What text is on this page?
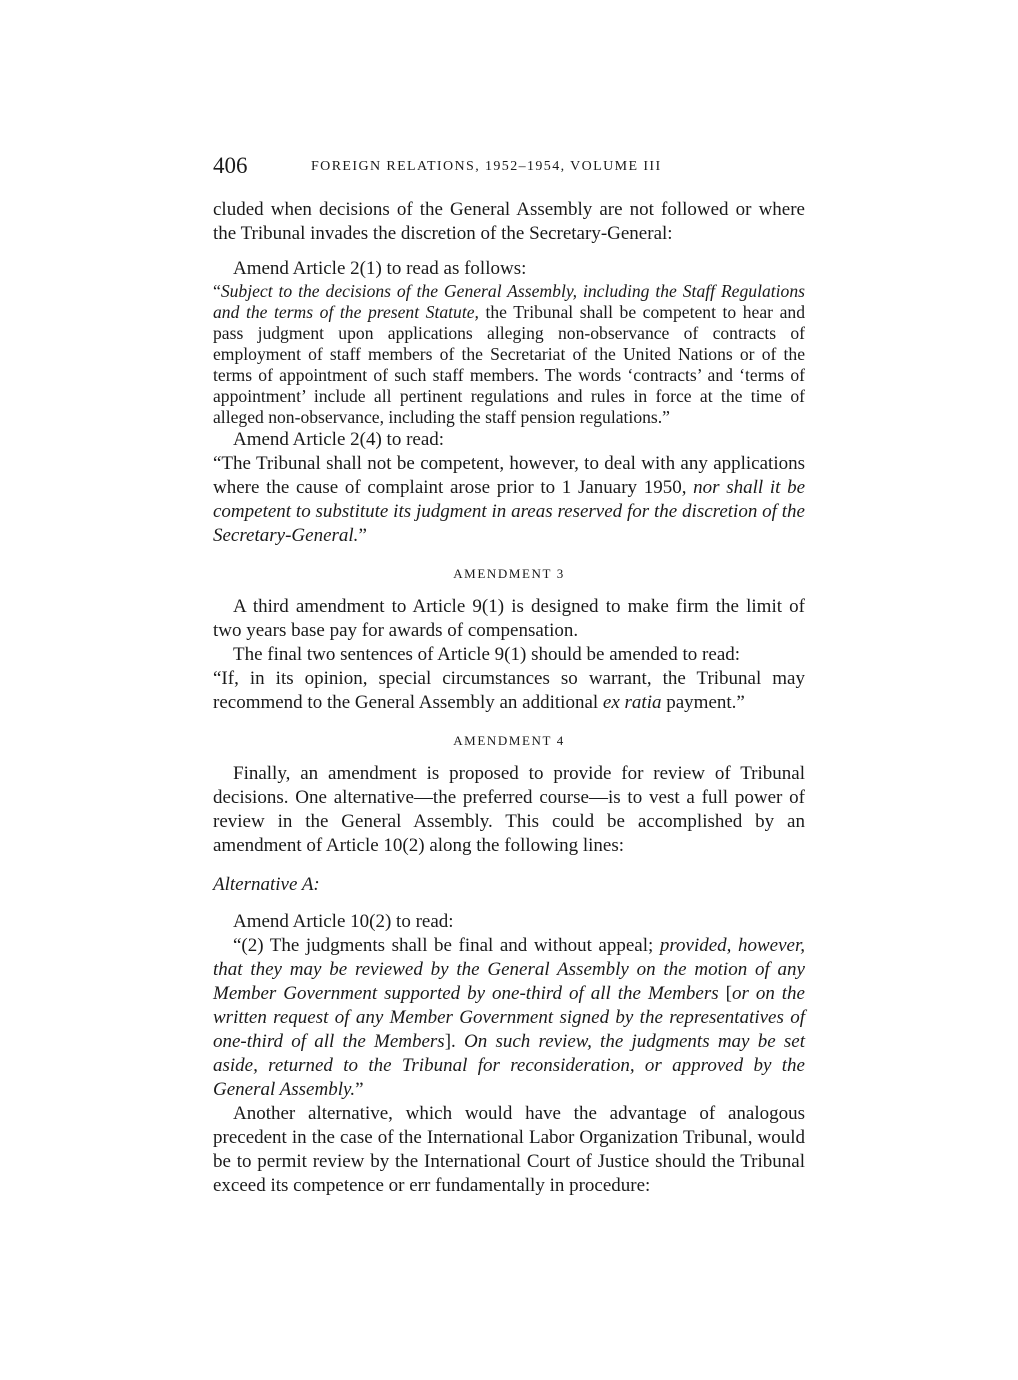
406	FOREIGN RELATIONS, 1952–1954, VOLUME III

cluded when decisions of the General Assembly are not followed or where the Tribunal invades the discretion of the Secretary-General:

Amend Article 2(1) to read as follows:

“Subject to the decisions of the General Assembly, including the Staff Regulations and the terms of the present Statute, the Tribunal shall be competent to hear and pass judgment upon applications alleging non-observance of contracts of employment of staff members of the Secretariat of the United Nations or of the terms of appointment of such staff members. The words ‘contracts’ and ‘terms of appointment’ include all pertinent regulations and rules in force at the time of alleged non-observance, including the staff pension regulations.”

Amend Article 2(4) to read:

“The Tribunal shall not be competent, however, to deal with any applications where the cause of complaint arose prior to 1 January 1950, nor shall it be competent to substitute its judgment in areas reserved for the discretion of the Secretary-General.”

AMENDMENT 3

A third amendment to Article 9(1) is designed to make firm the limit of two years base pay for awards of compensation.

The final two sentences of Article 9(1) should be amended to read:

“If, in its opinion, special circumstances so warrant, the Tribunal may recommend to the General Assembly an additional ex ratia payment.”

AMENDMENT 4

Finally, an amendment is proposed to provide for review of Tribunal decisions. One alternative—the preferred course—is to vest a full power of review in the General Assembly. This could be accomplished by an amendment of Article 10(2) along the following lines:

Alternative A:

Amend Article 10(2) to read:

“(2) The judgments shall be final and without appeal; provided, however, that they may be reviewed by the General Assembly on the motion of any Member Government supported by one-third of all the Members [or on the written request of any Member Government signed by the representatives of one-third of all the Members]. On such review, the judgments may be set aside, returned to the Tribunal for reconsideration, or approved by the General Assembly.”

Another alternative, which would have the advantage of analogous precedent in the case of the International Labor Organization Tribunal, would be to permit review by the International Court of Justice should the Tribunal exceed its competence or err fundamentally in procedure:
